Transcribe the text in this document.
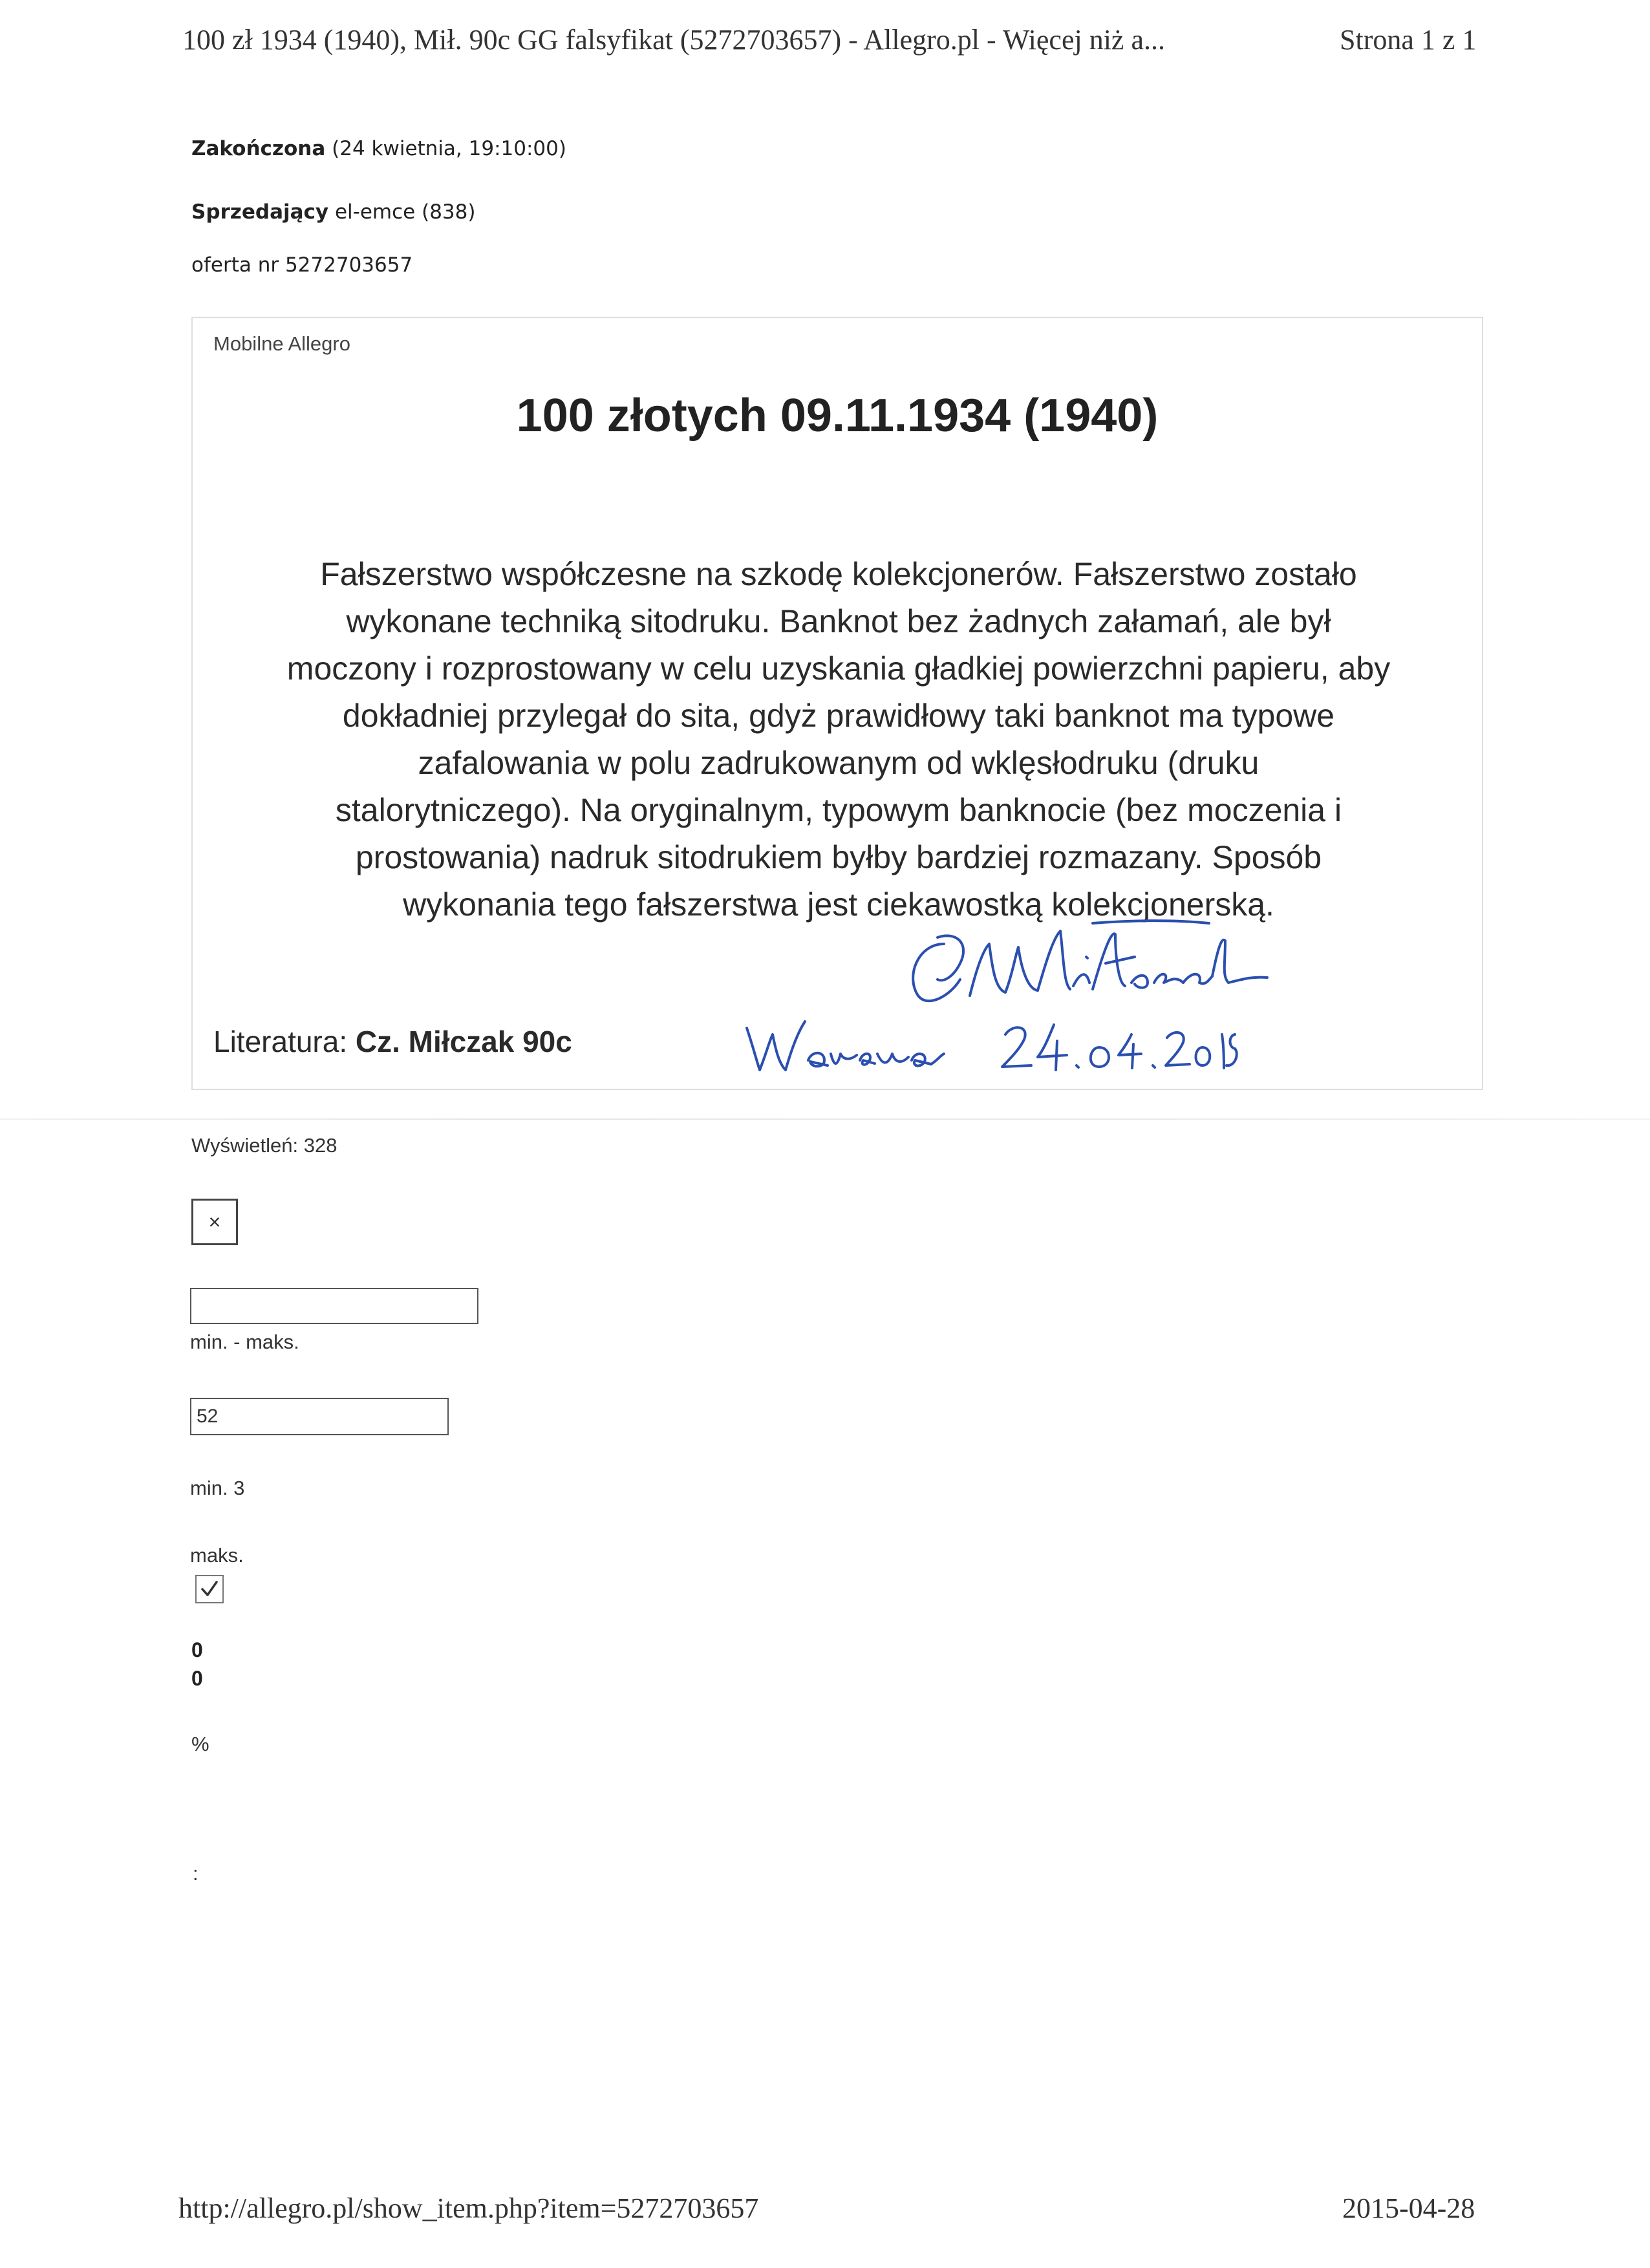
100 zł 1934 (1940), Mił. 90c GG falsyfikat (5272703657) - Allegro.pl - Więcej niż a...	Strona 1 z 1
Zakończona (24 kwietnia, 19:10:00)
Sprzedający el-emce (838)
oferta nr 5272703657
Mobilne Allegro
100 złotych 09.11.1934 (1940)
Fałszerstwo współczesne na szkodę kolekcjonerów. Fałszerstwo zostało
wykonane techniką sitodruku. Banknot bez żadnych załamań, ale był
moczony i rozprostowany w celu uzyskania gładkiej powierzchni papieru, aby
dokładniej przylegał do sita, gdyż prawidłowy taki banknot ma typowe
zafalowania w polu zadrukowanym od wklęsłodruku (druku
stalorytniczego). Na oryginalnym, typowym banknocie (bez moczenia i
prostowania) nadruk sitodrukiem byłby bardziej rozmazany. Sposób
wykonania tego fałszerstwa jest ciekawostką kolekcjonerską.
Literatura: Cz. Miłczak 90c
Wyświetleń: 328
×
min. - maks.
52
min. 3
maks.
0
0
%
:
http://allegro.pl/show_item.php?item=5272703657	2015-04-28
